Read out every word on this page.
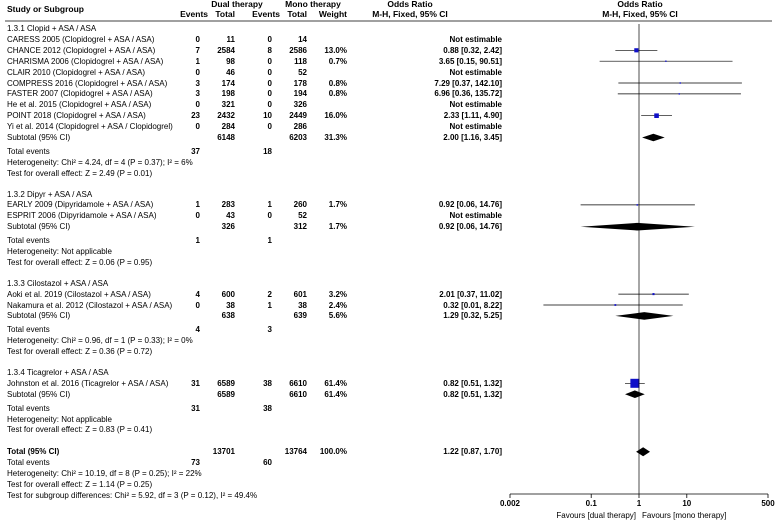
Study or Subgroup	Dual therapy	Mono therapy
Events Total	Events Total	Weight
Odds Ratio
M-H, Fixed, 95% CI
Odds Ratio
M-H, Fixed, 95% CI
1.3.1 Clopid + ASA / ASA
CARESS 2005 (Clopidogrel + ASA / ASA)	0	11	0	14	Not estimable
CHANCE 2012 (Clopidogrel + ASA / ASA)	7	2584	8	2586	13.0%	0.88 [0.32, 2.42]
CHARISMA 2006 (Clopidogrel + ASA / ASA)	1	98	0	118	0.7%	3.65 [0.15, 90.51]
CLAIR 2010 (Clopidogrel + ASA / ASA)	0	46	0	52	Not estimable
COMPRESS 2016 (Clopidogrel + ASA / ASA)	3	174	0	178	0.8%	7.29 [0.37, 142.10]
FASTER 2007 (Clopidogrel + ASA / ASA)	3	198	0	194	0.8%	6.96 [0.36, 135.72]
He et al. 2015 (Clopidogrel + ASA / ASA)	0	321	0	326	Not estimable
POINT 2018 (Clopidogrel + ASA / ASA)	23	2432	10	2449	16.0%	2.33 [1.11, 4.90]
Yi et al. 2014 (Clopidogrel + ASA / Clopidogrel)	0	284	0	286	Not estimable
Subtotal (95% CI)	6148	6203	31.3%	2.00 [1.16, 3.45]
Total events	37	18
Heterogeneity: Chi² = 4.24, df = 4 (P = 0.37); I² = 6%
Test for overall effect: Z = 2.49 (P = 0.01)
1.3.2 Dipyr + ASA / ASA
EARLY 2009 (Dipyridamole + ASA / ASA)	1	283	1	260	1.7%	0.92 [0.06, 14.76]
ESPRIT 2006 (Dipyridamole + ASA / ASA)	0	43	0	52	Not estimable
Subtotal (95% CI)	326	312	1.7%	0.92 [0.06, 14.76]
Total events	1	1
Heterogeneity: Not applicable
Test for overall effect: Z = 0.06 (P = 0.95)
1.3.3 Cilostazol + ASA / ASA
Aoki et al. 2019 (Cilostazol + ASA / ASA)	4	600	2	601	3.2%	2.01 [0.37, 11.02]
Nakamura et al. 2012 (Cilostazol + ASA / ASA)	0	38	1	38	2.4%	0.32 [0.01, 8.22]
Subtotal (95% CI)	638	639	5.6%	1.29 [0.32, 5.25]
Total events	4	3
Heterogeneity: Chi² = 0.96, df = 1 (P = 0.33); I² = 0%
Test for overall effect: Z = 0.36 (P = 0.72)
1.3.4 Ticagrelor + ASA / ASA
Johnston et al. 2016 (Ticagrelor + ASA / ASA)	31	6589	38	6610	61.4%	0.82 [0.51, 1.32]
Subtotal (95% CI)	6589	6610	61.4%	0.82 [0.51, 1.32]
Total events	31	38
Heterogeneity: Not applicable
Test for overall effect: Z = 0.83 (P = 0.41)
Total (95% CI)	13701	13764	100.0%	1.22 [0.87, 1.70]
Total events	73	60
Heterogeneity: Chi² = 10.19, df = 8 (P = 0.25); I² = 22%
Test for overall effect: Z = 1.14 (P = 0.25)
Test for subgroup differences: Chi² = 5.92, df = 3 (P = 0.12), I² = 49.4%
0.002	0.1	1	10	500
Favours [dual therapy] Favours [mono therapy]
